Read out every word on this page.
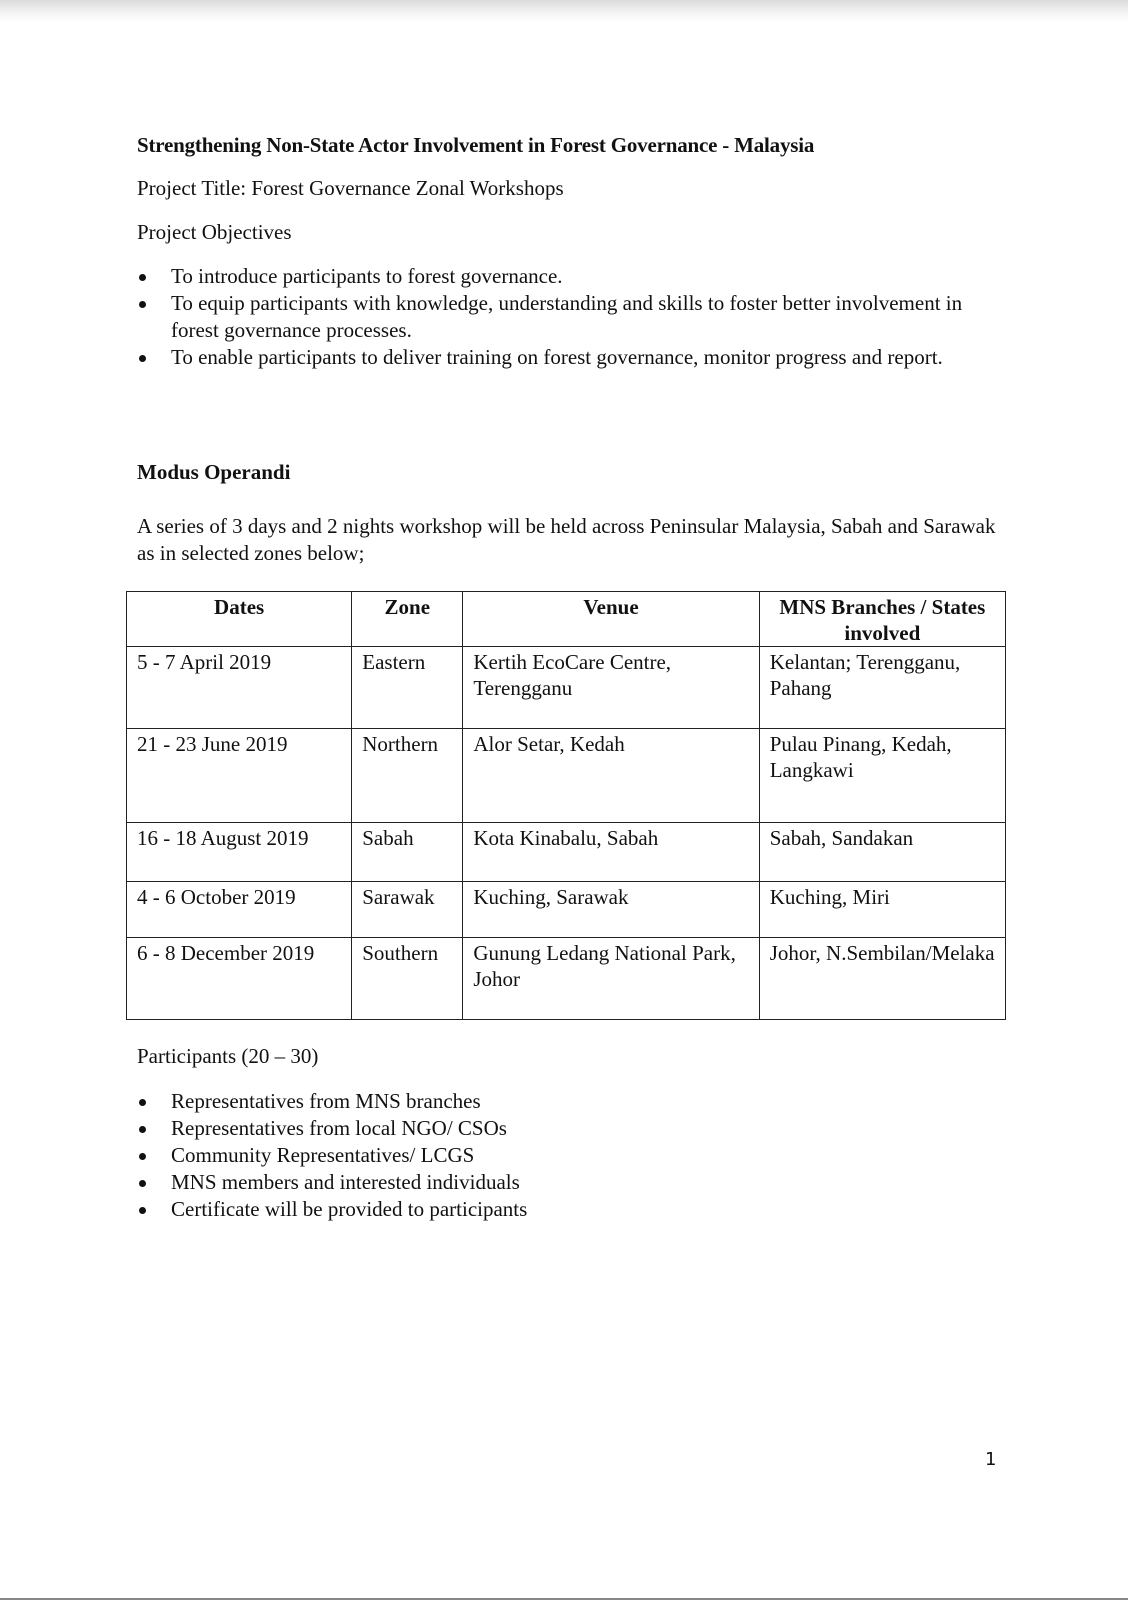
Strengthening Non-State Actor Involvement in Forest Governance - Malaysia
Project Title: Forest Governance Zonal Workshops
Project Objectives
To introduce participants to forest governance.
To equip participants with knowledge, understanding and skills to foster better involvement in forest governance processes.
To enable participants to deliver training on forest governance, monitor progress and report.
Modus Operandi
A series of 3 days and 2 nights workshop will be held across Peninsular Malaysia, Sabah and Sarawak as in selected zones below;
Dates	Zone	Venue	MNS Branches / States involved
5 - 7 April 2019	Eastern	Kertih EcoCare Centre, Terengganu	Kelantan; Terengganu, Pahang
21 - 23 June 2019	Northern	Alor Setar, Kedah	Pulau Pinang, Kedah, Langkawi
16 - 18 August 2019	Sabah	Kota Kinabalu, Sabah	Sabah, Sandakan
4 - 6 October 2019	Sarawak	Kuching, Sarawak	Kuching, Miri
6 - 8 December 2019	Southern	Gunung Ledang National Park, Johor	Johor, N.Sembilan/Melaka
Participants (20 – 30)
Representatives from MNS branches
Representatives from local NGO/ CSOs
Community Representatives/ LCGS
MNS members and interested individuals
Certificate will be provided to participants
1
